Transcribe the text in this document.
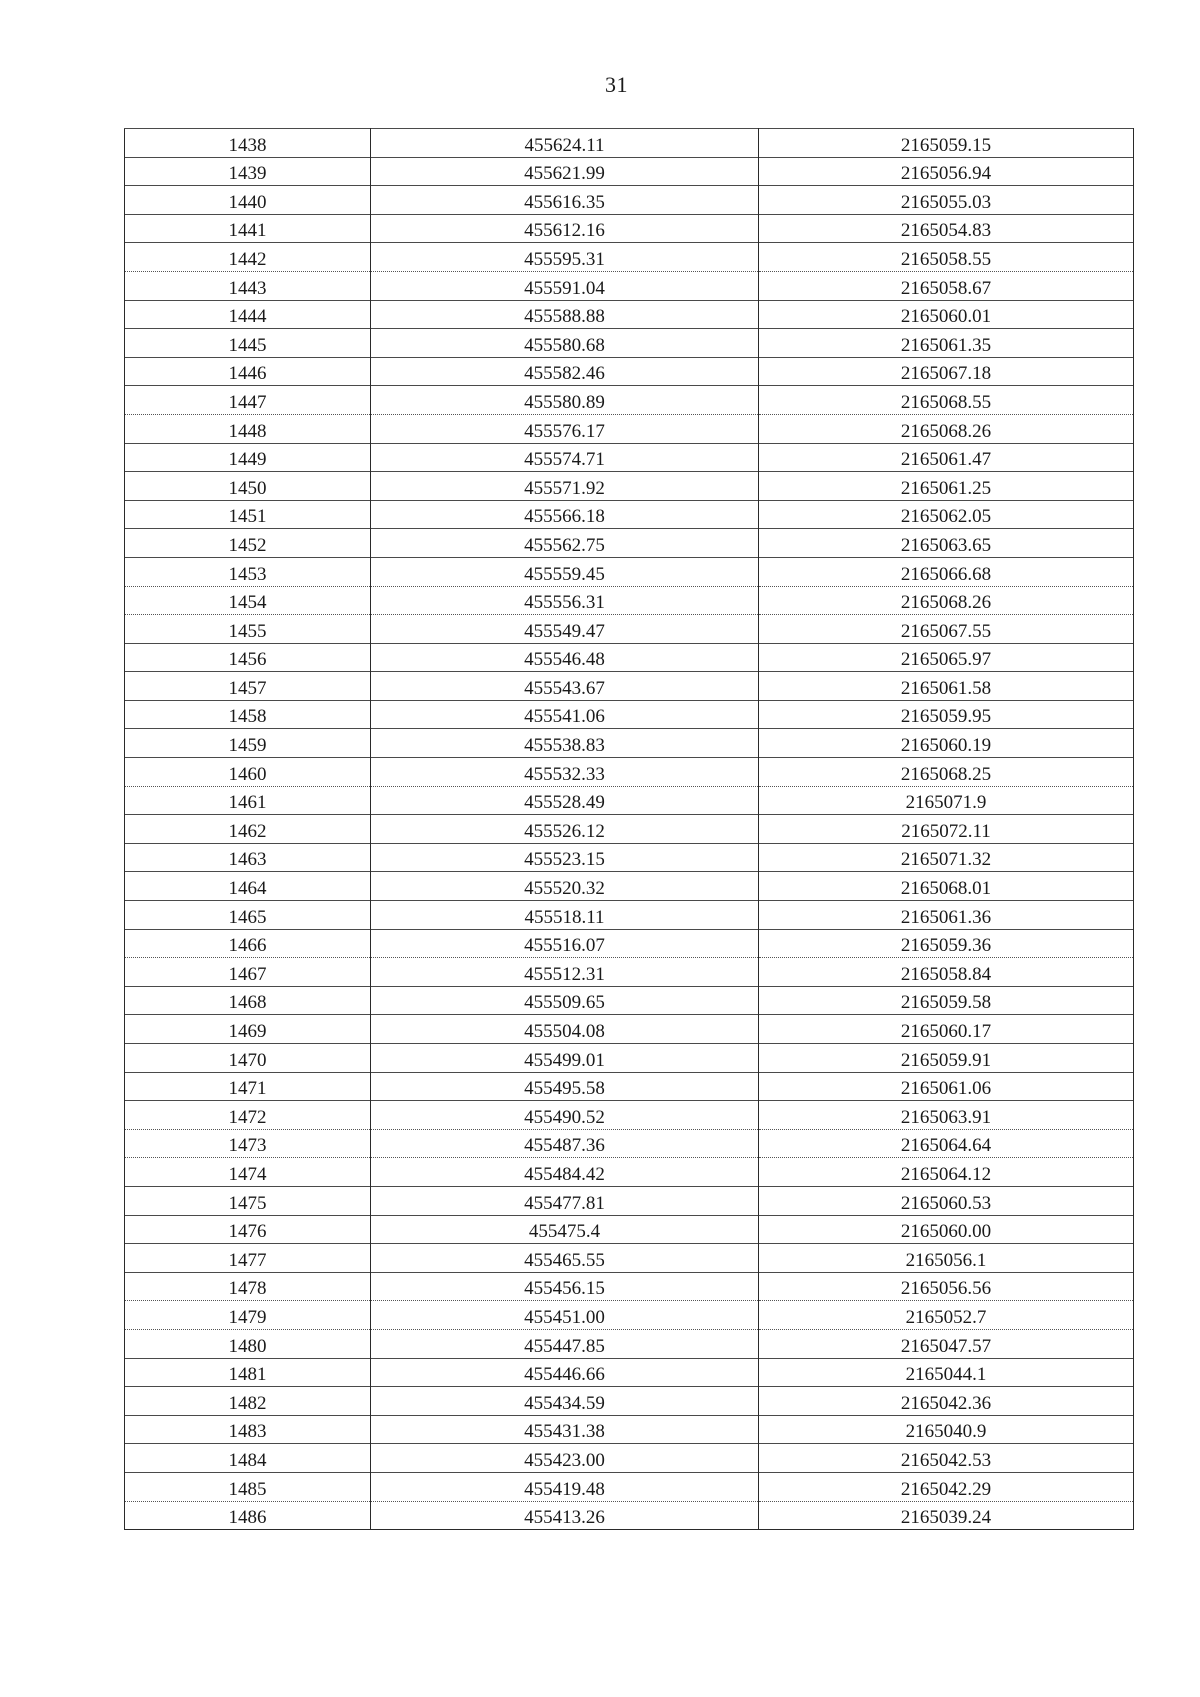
31
1438	455624.11	2165059.15
1439	455621.99	2165056.94
1440	455616.35	2165055.03
1441	455612.16	2165054.83
1442	455595.31	2165058.55
1443	455591.04	2165058.67
1444	455588.88	2165060.01
1445	455580.68	2165061.35
1446	455582.46	2165067.18
1447	455580.89	2165068.55
1448	455576.17	2165068.26
1449	455574.71	2165061.47
1450	455571.92	2165061.25
1451	455566.18	2165062.05
1452	455562.75	2165063.65
1453	455559.45	2165066.68
1454	455556.31	2165068.26
1455	455549.47	2165067.55
1456	455546.48	2165065.97
1457	455543.67	2165061.58
1458	455541.06	2165059.95
1459	455538.83	2165060.19
1460	455532.33	2165068.25
1461	455528.49	2165071.9
1462	455526.12	2165072.11
1463	455523.15	2165071.32
1464	455520.32	2165068.01
1465	455518.11	2165061.36
1466	455516.07	2165059.36
1467	455512.31	2165058.84
1468	455509.65	2165059.58
1469	455504.08	2165060.17
1470	455499.01	2165059.91
1471	455495.58	2165061.06
1472	455490.52	2165063.91
1473	455487.36	2165064.64
1474	455484.42	2165064.12
1475	455477.81	2165060.53
1476	455475.4	2165060.00
1477	455465.55	2165056.1
1478	455456.15	2165056.56
1479	455451.00	2165052.7
1480	455447.85	2165047.57
1481	455446.66	2165044.1
1482	455434.59	2165042.36
1483	455431.38	2165040.9
1484	455423.00	2165042.53
1485	455419.48	2165042.29
1486	455413.26	2165039.24
